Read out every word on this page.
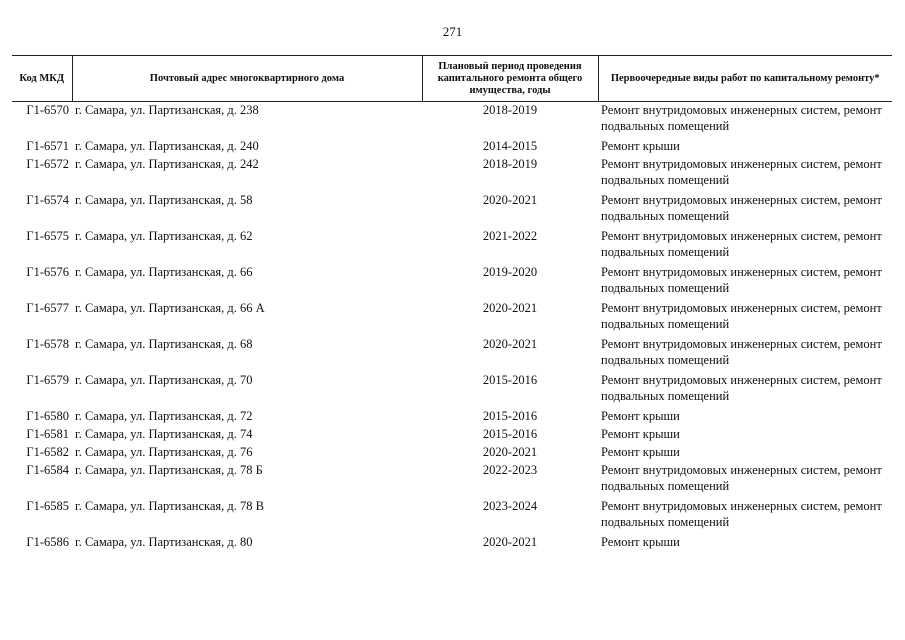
271
Код МКД	Почтовый адрес многоквартирного дома	Плановый период проведения капитального ремонта общего имущества, годы	Первоочередные виды работ по капитальному ремонту*
Г1-6570	г. Самара, ул. Партизанская, д. 238	2018-2019	Ремонт внутридомовых инженерных систем, ремонт подвальных помещений
Г1-6571	г. Самара, ул. Партизанская, д. 240	2014-2015	Ремонт крыши
Г1-6572	г. Самара, ул. Партизанская, д. 242	2018-2019	Ремонт внутридомовых инженерных систем, ремонт подвальных помещений
Г1-6574	г. Самара, ул. Партизанская, д. 58	2020-2021	Ремонт внутридомовых инженерных систем, ремонт подвальных помещений
Г1-6575	г. Самара, ул. Партизанская, д. 62	2021-2022	Ремонт внутридомовых инженерных систем, ремонт подвальных помещений
Г1-6576	г. Самара, ул. Партизанская, д. 66	2019-2020	Ремонт внутридомовых инженерных систем, ремонт подвальных помещений
Г1-6577	г. Самара, ул. Партизанская, д. 66 А	2020-2021	Ремонт внутридомовых инженерных систем, ремонт подвальных помещений
Г1-6578	г. Самара, ул. Партизанская, д. 68	2020-2021	Ремонт внутридомовых инженерных систем, ремонт подвальных помещений
Г1-6579	г. Самара, ул. Партизанская, д. 70	2015-2016	Ремонт внутридомовых инженерных систем, ремонт подвальных помещений
Г1-6580	г. Самара, ул. Партизанская, д. 72	2015-2016	Ремонт крыши
Г1-6581	г. Самара, ул. Партизанская, д. 74	2015-2016	Ремонт крыши
Г1-6582	г. Самара, ул. Партизанская, д. 76	2020-2021	Ремонт крыши
Г1-6584	г. Самара, ул. Партизанская, д. 78 Б	2022-2023	Ремонт внутридомовых инженерных систем, ремонт подвальных помещений
Г1-6585	г. Самара, ул. Партизанская, д. 78 В	2023-2024	Ремонт внутридомовых инженерных систем, ремонт подвальных помещений
Г1-6586	г. Самара, ул. Партизанская, д. 80	2020-2021	Ремонт крыши
